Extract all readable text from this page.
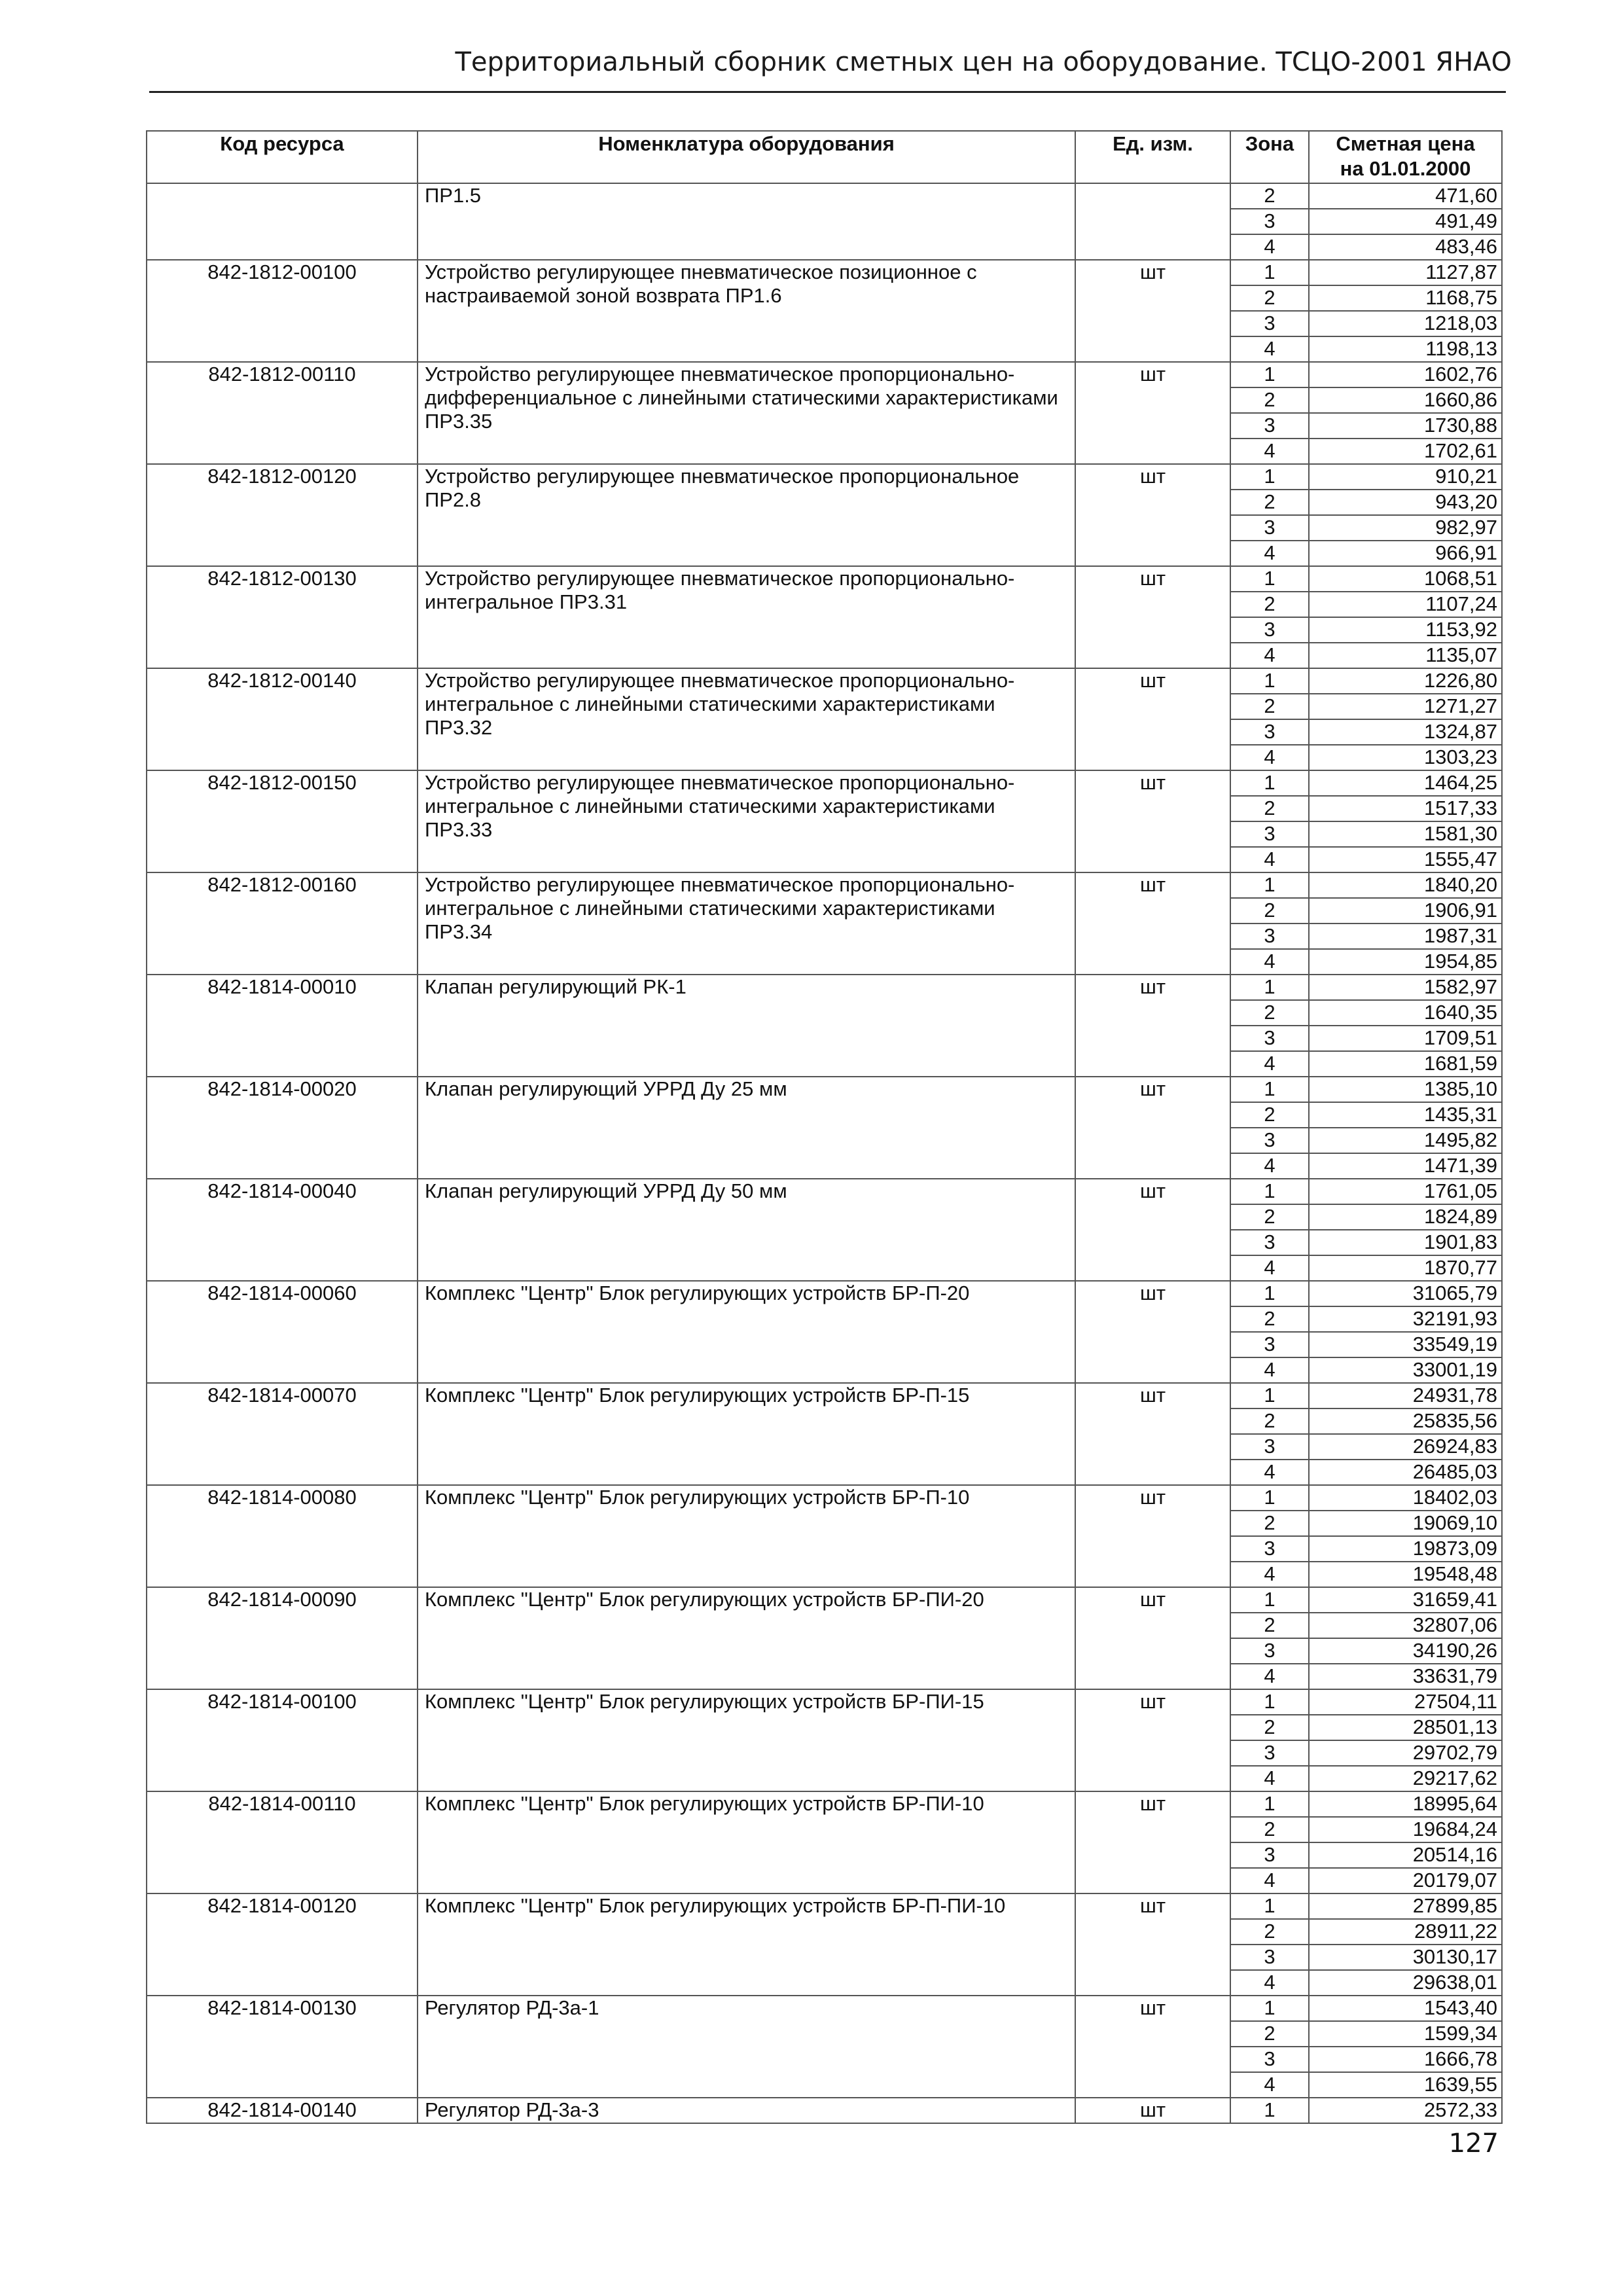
Территориальный сборник сметных цен на оборудование. ТСЦО-2001 ЯНАО
Код ресурса	Номенклатура оборудования	Ед. изм.	Зона	Сметная цена
на 01.01.2000
	ПР1.5		2	471,60
			3	491,49
			4	483,46
842-1812-00100	Устройство регулирующее пневматическое позиционное с настраиваемой зоной возврата ПР1.6	шт	1	1127,87
			2	1168,75
			3	1218,03
			4	1198,13
842-1812-00110	Устройство регулирующее пневматическое пропорционально-дифференциальное с линейными статическими характеристиками ПР3.35	шт	1	1602,76
			2	1660,86
			3	1730,88
			4	1702,61
842-1812-00120	Устройство регулирующее пневматическое пропорциональное ПР2.8	шт	1	910,21
			2	943,20
			3	982,97
			4	966,91
842-1812-00130	Устройство регулирующее пневматическое пропорционально-интегральное ПР3.31	шт	1	1068,51
			2	1107,24
			3	1153,92
			4	1135,07
842-1812-00140	Устройство регулирующее пневматическое пропорционально-интегральное с линейными статическими характеристиками ПР3.32	шт	1	1226,80
			2	1271,27
			3	1324,87
			4	1303,23
842-1812-00150	Устройство регулирующее пневматическое пропорционально-интегральное с линейными статическими характеристиками ПР3.33	шт	1	1464,25
			2	1517,33
			3	1581,30
			4	1555,47
842-1812-00160	Устройство регулирующее пневматическое пропорционально-интегральное с линейными статическими характеристиками ПР3.34	шт	1	1840,20
			2	1906,91
			3	1987,31
			4	1954,85
842-1814-00010	Клапан регулирующий РК-1	шт	1	1582,97
			2	1640,35
			3	1709,51
			4	1681,59
842-1814-00020	Клапан регулирующий УРРД Ду 25 мм	шт	1	1385,10
			2	1435,31
			3	1495,82
			4	1471,39
842-1814-00040	Клапан регулирующий УРРД Ду 50 мм	шт	1	1761,05
			2	1824,89
			3	1901,83
			4	1870,77
842-1814-00060	Комплекс "Центр" Блок регулирующих устройств БР-П-20	шт	1	31065,79
			2	32191,93
			3	33549,19
			4	33001,19
842-1814-00070	Комплекс "Центр" Блок регулирующих устройств БР-П-15	шт	1	24931,78
			2	25835,56
			3	26924,83
			4	26485,03
842-1814-00080	Комплекс "Центр" Блок регулирующих устройств БР-П-10	шт	1	18402,03
			2	19069,10
			3	19873,09
			4	19548,48
842-1814-00090	Комплекс "Центр" Блок регулирующих устройств БР-ПИ-20	шт	1	31659,41
			2	32807,06
			3	34190,26
			4	33631,79
842-1814-00100	Комплекс "Центр" Блок регулирующих устройств БР-ПИ-15	шт	1	27504,11
			2	28501,13
			3	29702,79
			4	29217,62
842-1814-00110	Комплекс "Центр" Блок регулирующих устройств БР-ПИ-10	шт	1	18995,64
			2	19684,24
			3	20514,16
			4	20179,07
842-1814-00120	Комплекс "Центр" Блок регулирующих устройств БР-П-ПИ-10	шт	1	27899,85
			2	28911,22
			3	30130,17
			4	29638,01
842-1814-00130	Регулятор РД-3а-1	шт	1	1543,40
			2	1599,34
			3	1666,78
			4	1639,55
842-1814-00140	Регулятор РД-3а-3	шт	1	2572,33
127
